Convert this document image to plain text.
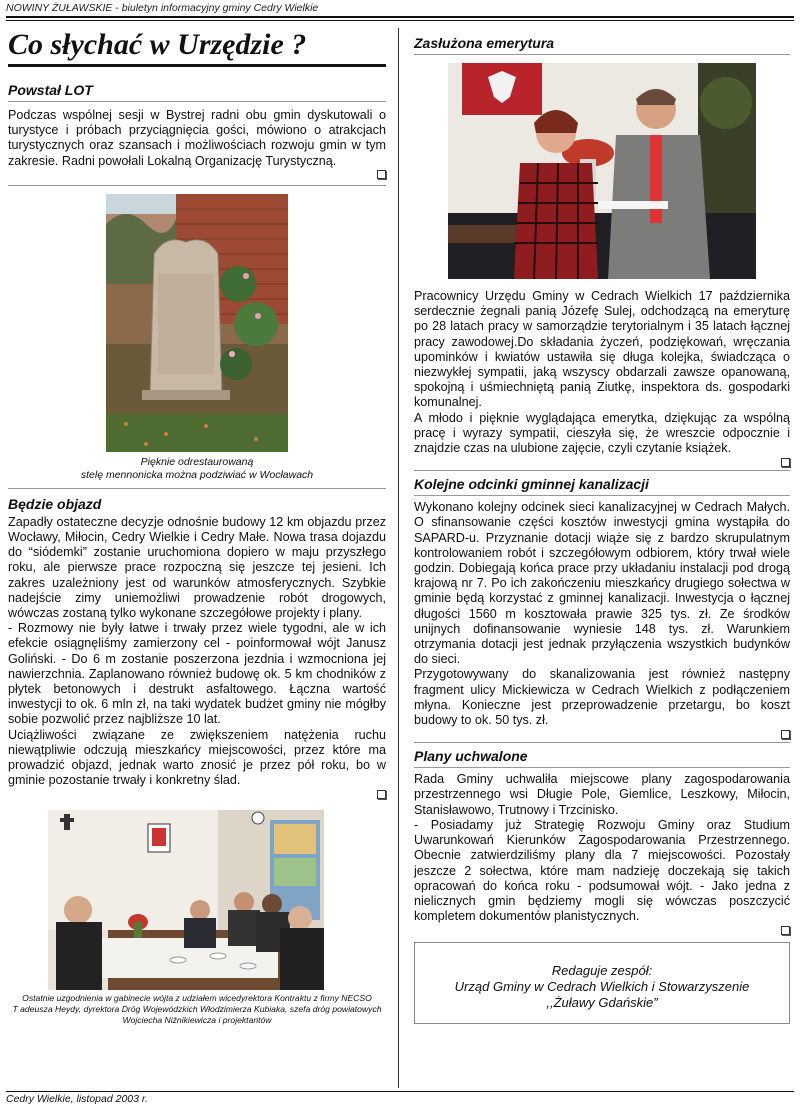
NOWINY ŻUŁAWSKIE - biuletyn informacyjny gminy Cedry Wielkie
Co słychać w Urzędzie ?
Powstał LOT

Podczas wspólnej sesji w Bystrej radni obu gmin dyskutowali o turystyce i próbach przyciągnięcia gości, mówiono o atrakcjach turystycznych oraz szansach i możliwościach rozwoju gmin w tym zakresie. Radni powołali Lokalną Organizację Turystyczną.

Pięknie odrestaurowaną
stelę mennonicka można podziwiać w Wocławach
Będzie objazd

Zapadły ostateczne decyzje odnośnie budowy 12 km objazdu przez Wocławy, Miłocin, Cedry Wielkie i Cedry Małe. Nowa trasa dojazdu do “siódemki” zostanie uruchomiona dopiero w maju przyszłego roku, ale pierwsze prace rozpoczną się jeszcze tej jesieni. Ich zakres uzależniony jest od warunków atmosferycznych. Szybkie nadejście zimy uniemożliwi prowadzenie robót drogowych, wówczas zostaną tylko wykonane szczegółowe projekty i plany.

- Rozmowy nie były łatwe i trwały przez wiele tygodni, ale w ich efekcie osiągnęliśmy zamierzony cel - poinformował wójt Janusz Goliński. - Do 6 m zostanie poszerzona jezdnia i wzmocniona jej nawierzchnia. Zaplanowano również budowę ok. 5 km chodników z płytek betonowych i destrukt asfaltowego. Łączna wartość inwestycji to ok. 6 mln zł, na taki wydatek budżet gminy nie mógłby sobie pozwolić przez najbliższe 10 lat.

Uciążliwości związane ze zwiększeniem natężenia ruchu niewątpliwie odczują mieszkańcy miejscowości, przez które ma prowadzić objazd, jednak warto znosić je przez pół roku, bo w gminie pozostanie trwały i konkretny ślad.

Ostatnie uzgodnienia w gabinecie wójta z udziałem wicedyrektora Kontraktu z firmy NECSO
T adeusza Heydy, dyrektora Dróg Wojewódzkich Włodzimierza Kubiaka, szefa dróg powiatowych
Wojciecha Niźnikiewicza i projektantów
Zasłużona emerytura

Pracownicy Urzędu Gminy w Cedrach Wielkich 17 października serdecznie żegnali panią Józefę Sulej, odchodzącą na emeryturę po 28 latach pracy w samorządzie terytorialnym i 35 latach łącznej pracy zawodowej.Do składania życzeń, podziękowań, wręczania upominków i kwiatów ustawiła się długa kolejka, świadcząca o niezwykłej sympatii, jaką wszyscy obdarzali zawsze opanowaną, spokojną i uśmiechniętą panią Ziutkę, inspektora ds. gospodarki komunalnej.

A młodo i pięknie wyglądająca emerytka, dziękując za wspólną pracę i wyrazy sympatii, cieszyła się, że wreszcie odpocznie i znajdzie czas na ulubione zajęcie, czyli czytanie książek.

Kolejne odcinki gminnej kanalizacji

Wykonano kolejny odcinek sieci kanalizacyjnej w Cedrach Małych. O sfinansowanie części kosztów inwestycji gmina wystąpiła do SAPARD-u. Przyznanie dotacji wiąże się z bardzo skrupulatnym kontrolowaniem robót i szczegółowym odbiorem, który trwał wiele godzin. Dobiegają końca prace przy układaniu instalacji pod drogą krajową nr 7. Po ich zakończeniu mieszkańcy drugiego sołectwa w gminie będą korzystać z gminnej kanalizacji. Inwestycja o łącznej długości 1560 m kosztowała prawie 325 tys. zł. Ze środków unijnych dofinansowanie wyniesie 148 tys. zł. Warunkiem otrzymania dotacji jest jednak przyłączenia wszystkich budynków do sieci.

Przygotowywany do skanalizowania jest również następny fragment ulicy Mickiewicza w Cedrach Wielkich z podłączeniem młyna. Konieczne jest przeprowadzenie przetargu, bo koszt budowy to ok. 50 tys. zł.

Plany uchwalone

Rada Gminy uchwaliła miejscowe plany zagospodarowania przestrzennego wsi Długie Pole, Giemlice, Leszkowy, Miłocin, Stanisławowo, Trutnowy i Trzcinisko.

- Posiadamy już Strategię Rozwoju Gminy oraz Studium Uwarunkowań Kierunków Zagospodarowania Przestrzennego. Obecnie zatwierdziliśmy plany dla 7 miejscowości. Pozostały jeszcze 2 sołectwa, które mam nadzieję doczekają się takich opracowań do końca roku - podsumował wójt. - Jako jedna z nielicznych gmin będziemy mogli się wówczas poszczycić kompletem dokumentów planistycznych.

Redaguje zespół:
Urząd Gminy w Cedrach Wielkich i Stowarzyszenie
,,Żuławy Gdańskie”
Cedry Wielkie, listopad 2003 r.
